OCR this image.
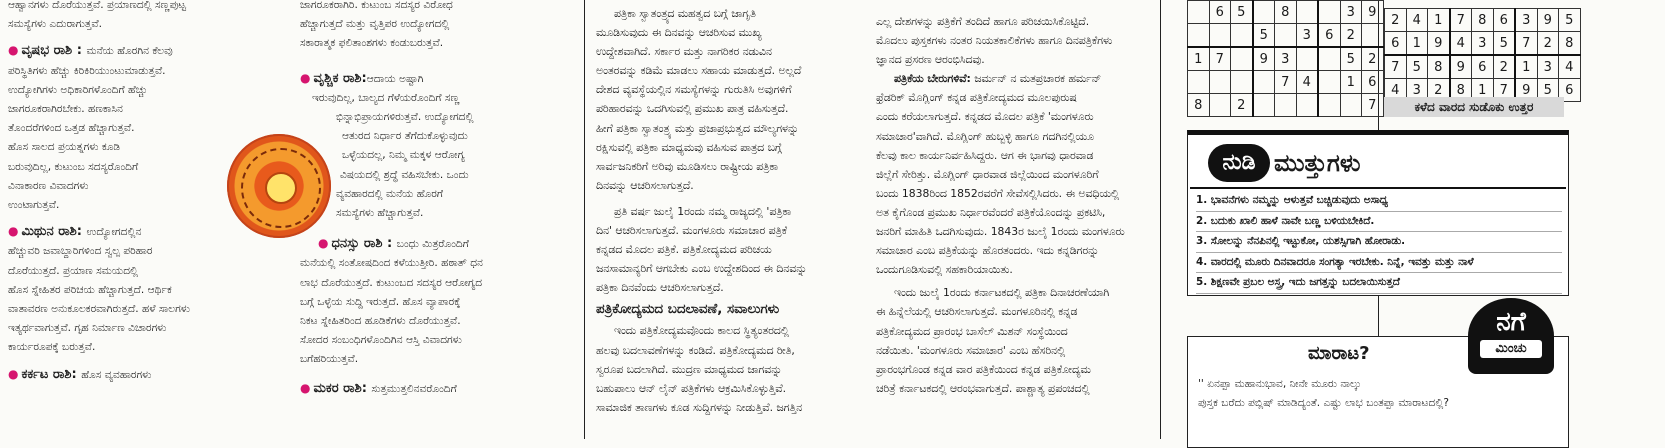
ಆಹ್ವಾನಗಳು ದೊರೆಯುತ್ತವೆ. ಪ್ರಯಾಣದಲ್ಲಿ ಸಣ್ಣಪುಟ್ಟ
ಸಮಸ್ಯೆಗಳು ಎದುರಾಗುತ್ತವೆ.
● ವೃಷಭ ರಾಶಿ : ಮನೆಯ ಹೊರಗಿನ ಕೆಲವು
ಪರಿಸ್ಥಿತಿಗಳು ಹೆಚ್ಚು ಕಿರಿಕಿರಿಯುಂಟುಮಾಡುತ್ತವೆ.
ಉದ್ಯೋಗಿಗಳು ಅಧಿಕಾರಿಗಳೊಂದಿಗೆ ಹೆಚ್ಚು
ಜಾಗರೂಕರಾಗಿರಬೇಕು. ಹಣಕಾಸಿನ
ತೊಂದರೆಗಳಿಂದ ಒತ್ತಡ ಹೆಚ್ಚಾಗುತ್ತವೆ.
ಹೊಸ ಸಾಲದ ಪ್ರಯತ್ನಗಳು ಕೂಡಿ
ಬರುವುದಿಲ್ಲ, ಕುಟುಂಬ ಸದಸ್ಯರೊಂದಿಗೆ
ವಿನಾಕಾರಣ ವಿವಾದಗಳು
ಉಂಟಾಗುತ್ತವೆ.
● ಮಿಥುನ ರಾಶಿ: ಉದ್ಯೋಗದಲ್ಲಿನ
ಹೆಚ್ಚುವರಿ ಜವಾಬ್ದಾರಿಗಳಿಂದ ಸ್ವಲ್ಪ ಪರಿಹಾರ
ದೊರೆಯುತ್ತದೆ. ಪ್ರಯಾಣ ಸಮಯದಲ್ಲಿ
ಹೊಸ ಸ್ನೇಹಿತರ ಪರಿಚಯ ಹೆಚ್ಚಾಗುತ್ತದೆ. ಆರ್ಥಿಕ
ವಾತಾವರಣ ಅನುಕೂಲಕರವಾಗಿರುತ್ತದೆ. ಹಳೆ ಸಾಲಗಳು
ಇತ್ಯರ್ಥವಾಗುತ್ತವೆ. ಗೃಹ ನಿರ್ಮಾಣ ವಿಚಾರಗಳು
ಕಾರ್ಯರೂಪಕ್ಕೆ ಬರುತ್ತವೆ.
● ಕರ್ಕಟ ರಾಶಿ: ಹೊಸ ವ್ಯವಹಾರಗಳು
ಜಾಗರೂಕರಾಗಿರಿ. ಕುಟುಂಬ ಸದಸ್ಯರ ವಿರೋಧ
ಹೆಚ್ಚಾಗುತ್ತದೆ ಮತ್ತು ವೃತ್ತಿಪರ ಉದ್ಯೋಗದಲ್ಲಿ
ಸಕಾರಾತ್ಮಕ ಫಲಿತಾಂಶಗಳು ಕಂಡುಬರುತ್ತವೆ.
● ವೃಶ್ಚಿಕ ರಾಶಿ:ಆದಾಯ ಅಷ್ಟಾಗಿ
ಇರುವುದಿಲ್ಲ, ಬಾಲ್ಯದ ಗೆಳೆಯರೊಂದಿಗೆ ಸಣ್ಣ
ಭಿನ್ನಾಭಿಪ್ರಾಯಗಳಿರುತ್ತವೆ. ಉದ್ಯೋಗದಲ್ಲಿ
ಆತುರದ ನಿರ್ಧಾರ ತೆಗೆದುಕೊಳ್ಳುವುದು
ಒಳ್ಳೆಯದಲ್ಲ, ನಿಮ್ಮ ಮಕ್ಕಳ ಆರೋಗ್ಯ
ವಿಷಯದಲ್ಲಿ ಶ್ರದ್ಧೆ ವಹಿಸಬೇಕು. ಒಂದು
ವ್ಯವಹಾರದಲ್ಲಿ ಮನೆಯ ಹೊರಗೆ
ಸಮಸ್ಯೆಗಳು ಹೆಚ್ಚಾಗುತ್ತವೆ.
● ಧನಸ್ಸು ರಾಶಿ : ಬಂಧು ಮಿತ್ರರೊಂದಿಗೆ
ಮನೆಯಲ್ಲಿ ಸಂತೋಷದಿಂದ ಕಳೆಯುತ್ತೀರಿ. ಹಠಾತ್ ಧನ
ಲಾಭ ದೊರೆಯುತ್ತದೆ. ಕುಟುಂಬದ ಸದಸ್ಯರ ಆರೋಗ್ಯದ
ಬಗ್ಗೆ ಒಳ್ಳೆಯ ಸುದ್ದಿ ಇರುತ್ತದೆ. ಹೊಸ ವ್ಯಾಪಾರಕ್ಕೆ
ನಿಕಟ ಸ್ನೇಹಿತರಿಂದ ಹೂಡಿಕೆಗಳು ದೊರೆಯುತ್ತವೆ.
ಸೋದರ ಸಂಬಂಧಿಗಳೊಂದಿಗಿನ ಆಸ್ತಿ ವಿವಾದಗಳು
ಬಗೆಹರಿಯುತ್ತವೆ.
● ಮಕರ ರಾಶಿ: ಸುತ್ತಮುತ್ತಲಿನವರೊಂದಿಗೆ
ಪತ್ರಿಕಾ ಸ್ವಾತಂತ್ರ್ಯದ ಮಹತ್ವದ ಬಗ್ಗೆ ಜಾಗೃತಿ
ಮೂಡಿಸುವುದು ಈ ದಿನವನ್ನು ಆಚರಿಸುವ ಮುಖ್ಯ
ಉದ್ದೇಶವಾಗಿದೆ. ಸರ್ಕಾರ ಮತ್ತು ನಾಗರಿಕರ ನಡುವಿನ
ಅಂತರವನ್ನು ಕಡಿಮೆ ಮಾಡಲು ಸಹಾಯ ಮಾಡುತ್ತದೆ. ಅಲ್ಲದೆ
ದೇಶದ ವ್ಯವಸ್ಥೆಯಲ್ಲಿನ ಸಮಸ್ಯೆಗಳನ್ನು ಗುರುತಿಸಿ ಅವುಗಳಿಗೆ
ಪರಿಹಾರವನ್ನು ಒದಗಿಸುವಲ್ಲಿ ಪ್ರಮುಖ ಪಾತ್ರ ವಹಿಸುತ್ತದೆ.
ಹೀಗೆ ಪತ್ರಿಕಾ ಸ್ವಾತಂತ್ರ್ಯ ಮತ್ತು ಪ್ರಜಾಪ್ರಭುತ್ವದ ಮೌಲ್ಯಗಳನ್ನು
ರಕ್ಷಿಸುವಲ್ಲಿ ಪತ್ರಿಕಾ ಮಾಧ್ಯಮವು ವಹಿಸುವ ಪಾತ್ರದ ಬಗ್ಗೆ
ಸಾರ್ವಜನಿಕರಿಗೆ ಅರಿವು ಮೂಡಿಸಲು ರಾಷ್ಟ್ರೀಯ ಪತ್ರಿಕಾ
ದಿನವನ್ನು ಆಚರಿಸಲಾಗುತ್ತದೆ.
ಪ್ರತಿ ವರ್ಷ ಜುಲೈ 1ರಂದು ನಮ್ಮ ರಾಜ್ಯದಲ್ಲಿ 'ಪತ್ರಿಕಾ
ದಿನ' ಆಚರಿಸಲಾಗುತ್ತದೆ. ಮಂಗಳೂರು ಸಮಾಚಾರ ಪತ್ರಿಕೆ
ಕನ್ನಡದ ಮೊದಲ ಪತ್ರಿಕೆ. ಪತ್ರಿಕೋದ್ಯಮದ ಪರಿಚಯ
ಜನಸಾಮಾನ್ಯರಿಗೆ ಆಗಬೇಕು ಎಂಬ ಉದ್ದೇಶದಿಂದ ಈ ದಿನವನ್ನು
ಪತ್ರಿಕಾ ದಿನವೆಂದು ಆಚರಿಸಲಾಗುತ್ತದೆ.
ಪತ್ರಿಕೋದ್ಯಮದ ಬದಲಾವಣೆ, ಸವಾಲುಗಳು
ಇಂದು ಪತ್ರಿಕೋದ್ಯಮವೊಂದು ಕಾಲದ ಸ್ಥಿತ್ಯಂತರದಲ್ಲಿ
ಹಲವು ಬದಲಾವಣೆಗಳನ್ನು ಕಂಡಿದೆ. ಪತ್ರಿಕೋದ್ಯಮದ ರೀತಿ,
ಸ್ವರೂಪ ಬದಲಾಗಿದೆ. ಮುದ್ರಣ ಮಾಧ್ಯಮದ ಜಾಗವನ್ನು
ಬಹುಪಾಲು ಆನ್ ಲೈನ್ ಪತ್ರಿಕೆಗಳು ಆಕ್ರಮಿಸಿಕೊಳ್ಳುತ್ತಿವೆ.
ಸಾಮಾಜಿಕ ತಾಣಗಳು ಕೂಡ ಸುದ್ದಿಗಳನ್ನು ನೀಡುತ್ತಿವೆ. ಜಗತ್ತಿನ
ಎಲ್ಲ ದೇಶಗಳನ್ನು ಪತ್ರಿಕೆಗೆ ತಂದಿದೆ ಹಾಗೂ ಪರಿಚಯಿಸಿಕೊಟ್ಟಿದೆ.
ಮೊದಲು ಪುಸ್ತಕಗಳು ನಂತರ ನಿಯತಕಾಲಿಕೆಗಳು ಹಾಗೂ ದಿನಪತ್ರಿಕೆಗಳು
ಜ್ಞಾನದ ಪ್ರಸರಣ ಆರಂಭಿಸಿದವು.
ಪತ್ರಿಕೆಯ ಬೇರುಗಳಿವೆ: ಜರ್ಮನ್ ನ ಮತಪ್ರಚಾರಕ ಹರ್ಮನ್
ಫ್ರೆಡರಿಕ್ ಮೊಗ್ಲಿಂಗ್ ಕನ್ನಡ ಪತ್ರಿಕೋದ್ಯಮದ ಮೂಲಪುರುಷ
ಎಂದು ಕರೆಯಲಾಗುತ್ತದೆ. ಕನ್ನಡದ ಮೊದಲ ಪತ್ರಿಕೆ 'ಮಂಗಳೂರು
ಸಮಾಚಾರ'ವಾಗಿದೆ. ಮೊಗ್ಲಿಂಗ್ ಹುಬ್ಬಳ್ಳಿ ಹಾಗೂ ಗದಗಿನಲ್ಲಿಯೂ
ಕೆಲವು ಕಾಲ ಕಾರ್ಯನಿರ್ವಹಿಸಿದ್ದರು. ಆಗ ಈ ಭಾಗವು ಧಾರವಾಡ
ಜಿಲ್ಲೆಗೆ ಸೇರಿತ್ತು. ಮೊಗ್ಲಿಂಗ್ ಧಾರವಾಡ ಜಿಲ್ಲೆಯಿಂದ ಮಂಗಳೂರಿಗೆ
ಬಂದು 1838ರಿಂದ 1852ರವರೆಗೆ ಸೇವೆಸಲ್ಲಿಸಿದರು. ಈ ಅವಧಿಯಲ್ಲಿ
ಅತ ಕೈಗೊಂಡ ಪ್ರಮುಖ ನಿರ್ಧಾರವೆಂದರೆ ಪತ್ರಿಕೆಯೊಂದನ್ನು ಪ್ರಕಟಿಸಿ,
ಜನರಿಗೆ ಮಾಹಿತಿ ಒದಗಿಸುವುದು. 1843ರ ಜುಲೈ 1ರಂದು ಮಂಗಳೂರು
ಸಮಾಚಾರ ಎಂಬ ಪತ್ರಿಕೆಯನ್ನು ಹೊರತಂದರು. ಇದು ಕನ್ನಡಿಗರನ್ನು
ಒಂದುಗೂಡಿಸುವಲ್ಲಿ ಸಹಕಾರಿಯಾಯಿತು.
ಇಂದು ಜುಲೈ 1ರಂದು ಕರ್ನಾಟಕದಲ್ಲಿ ಪತ್ರಿಕಾ ದಿನಾಚರಣೆಯಾಗಿ
ಈ ಹಿನ್ನೆಲೆಯಲ್ಲಿ ಆಚರಿಸಲಾಗುತ್ತದೆ. ಮಂಗಳೂರಿನಲ್ಲಿ ಕನ್ನಡ
ಪತ್ರಿಕೋದ್ಯಮದ ಪ್ರಾರಂಭ ಬಾಸೆಲ್ ಮಿಶನ್ ಸಂಸ್ಥೆಯಿಂದ
ನಡೆಯಿತು. 'ಮಂಗಳೂರು ಸಮಾಚಾರ' ಎಂಬ ಹೆಸರಿನಲ್ಲಿ
ಪ್ರಾರಂಭಗೊಂಡ ಕನ್ನಡ ವಾರ ಪತ್ರಿಕೆಯಿಂದ ಕನ್ನಡ ಪತ್ರಿಕೋದ್ಯಮ
ಚರಿತ್ರೆ ಕರ್ನಾಟಕದಲ್ಲಿ ಆರಂಭವಾಗುತ್ತದೆ. ಪಾಶ್ಚಾತ್ಯ ಪ್ರಪಂಚದಲ್ಲಿ
	6	5		8			3	9
			5		3	6	2	
1	7		9	3			5	2
				7	4		1	6
8		2						7
2	4	1	7	8	6	3	9	5
6	1	9	4	3	5	7	2	8
7	5	8	9	6	2	1	3	4
4	3	2	8	1	7	9	5	6
ಕಳೆದ ವಾರದ ಸುಡೊಕು ಉತ್ತರ
ನುಡಿ ಮುತ್ತುಗಳು
1. ಭಾವನೆಗಳು ನಮ್ಮನ್ನು ಆಳುತ್ತವೆ ಬಚ್ಚಿಡುವುದು ಅಸಾಧ್ಯ
2. ಬದುಕು ಖಾಲಿ ಹಾಳೆ ನಾವೇ ಬಣ್ಣ ಬಳಿಯಬೇಕಿದೆ.
3. ಸೋಲನ್ನು ನೆನಪಿನಲ್ಲಿ ಇಟ್ಟುಕೋ, ಯಶಸ್ಸಿಗಾಗಿ ಹೋರಾಡು.
4. ವಾರದಲ್ಲಿ ಮೂರು ದಿನವಾದರೂ ಸಂಗತ್ಯಾ ಇರಬೇಕು. ನಿನ್ನೆ, ಇವತ್ತು ಮತ್ತು ನಾಳೆ
5. ಶಿಕ್ಷಣವೇ ಪ್ರಬಲ ಅಸ್ತ್ರ, ಇದು ಜಗತ್ತನ್ನು ಬದಲಾಯಿಸುತ್ತದೆ
ಮಾರಾಟ?
'' ಏನಪ್ಪಾ ಮಹಾನುಭಾವ, ನೀನೇ ಮೂರು ನಾಲ್ಕು
ಪುಸ್ತಕ ಬರೆದು ಪಬ್ಲಿಷ್ ಮಾಡಿದ್ಯಂತೆ. ಎಷ್ಟು ಲಾಭ ಬಂತಪ್ಪಾ ಮಾರಾಟದಲ್ಲಿ?
ನಗೆ
ಮಿಂಚು
